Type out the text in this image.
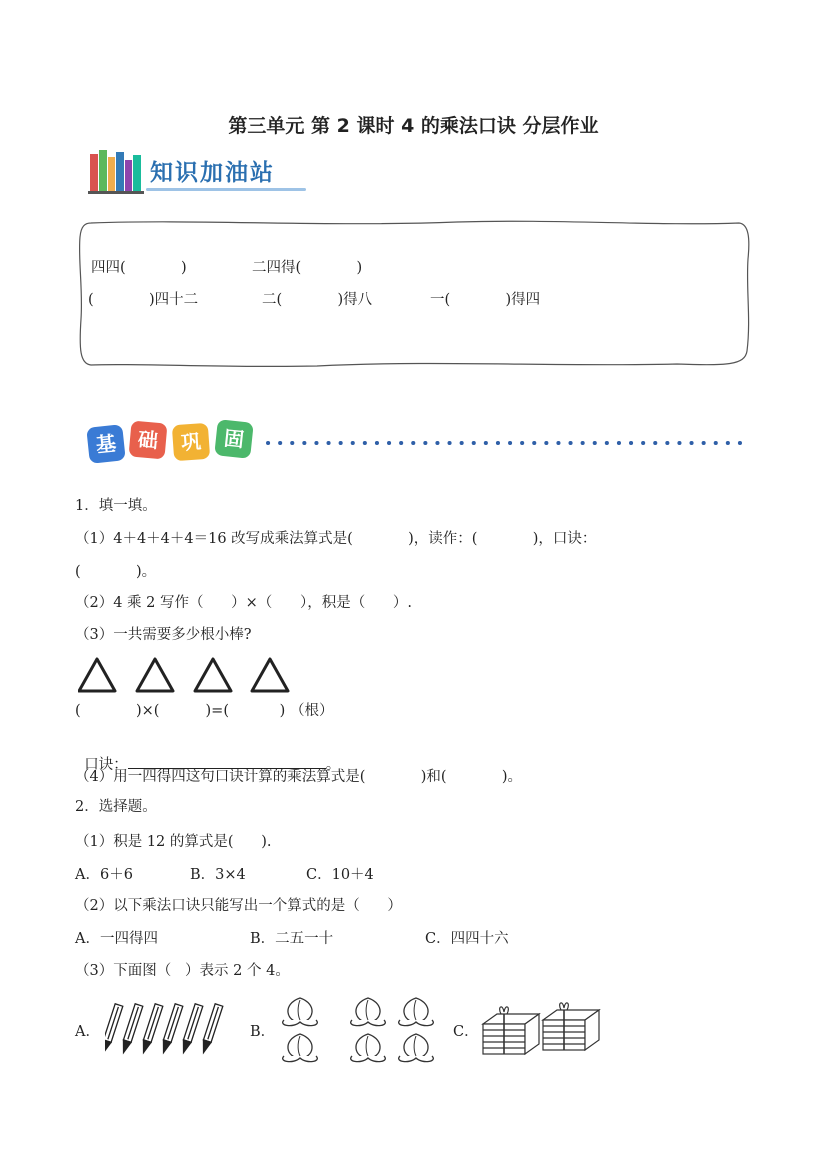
第三单元 第 2 课时 4 的乘法口诀 分层作业
知识加油站
四四(            )	二四得(            )
(            )四十二	二(            )得八	一(            )得四
基 础	巩	固
1．填一填。
（1）4＋4＋4＋4＝16 改写成乘法算式是(            )，读作：(            )，口诀：
(            )。
（2）4 乘 2 写作（      ）×（      ），积是（      ）.
（3）一共需要多少根小棒?
(            )×(          )=(           ) （根）

口诀：	。

（4）用一四得四这句口诀计算的乘法算式是(            )和(            )。
2．选择题。
（1）积是 12 的算式是(      ).
A．6＋6	B．3×4	C．10＋4
（2）以下乘法口诀只能写出一个算式的是（      ）
A．一四得四	B．二五一十	C．四四十六
（3）下面图（   ）表示 2 个 4。
A．	B．	C．
